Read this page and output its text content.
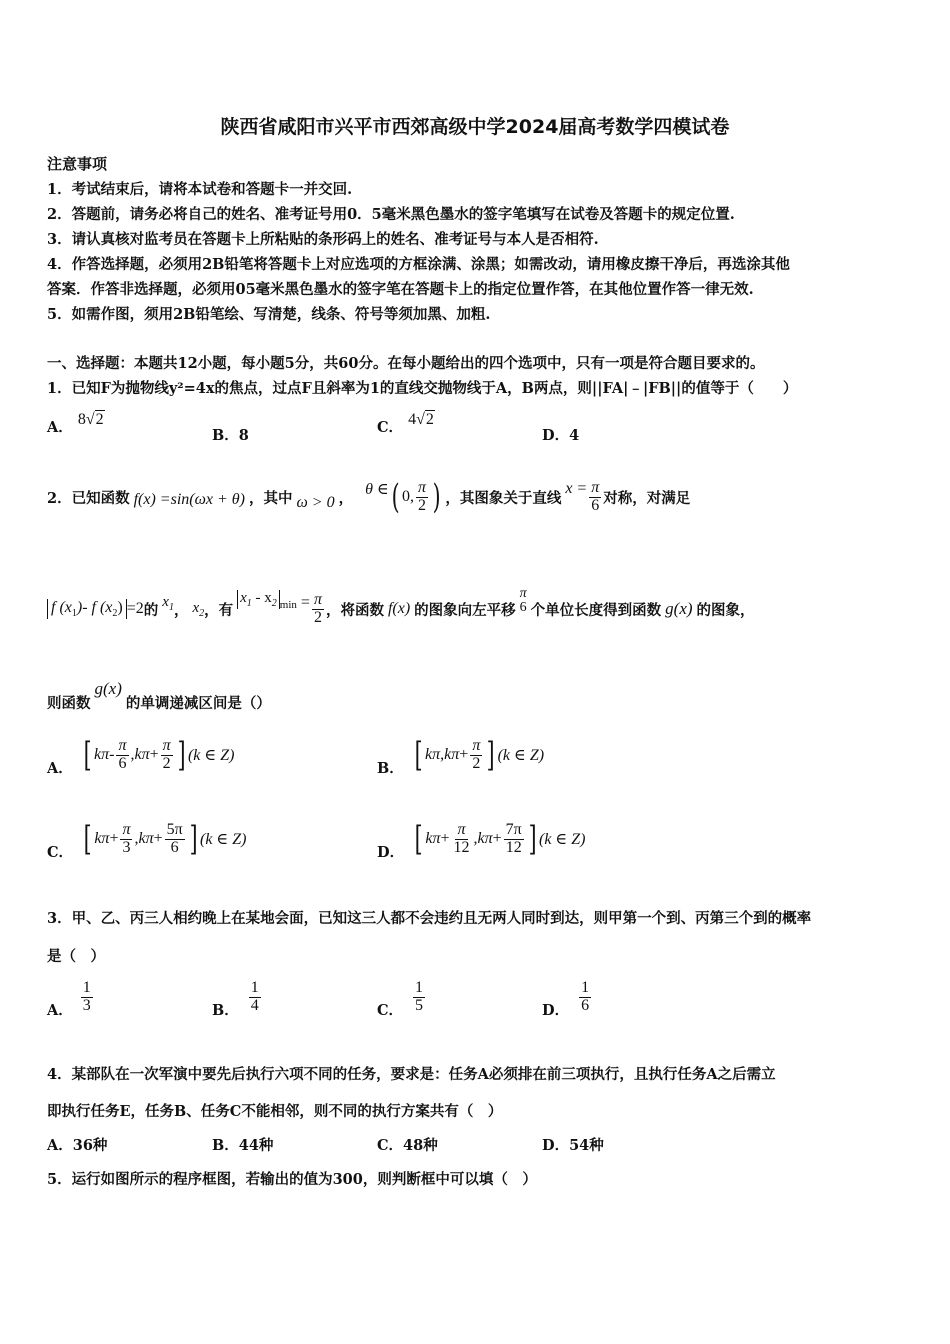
陕西省咸阳市兴平市西郊高级中学2024届高考数学四模试卷
注意事项
1．考试结束后，请将本试卷和答题卡一并交回.
2．答题前，请务必将自己的姓名、准考证号用0．5毫米黑色墨水的签字笔填写在试卷及答题卡的规定位置.
3．请认真核对监考员在答题卡上所粘贴的条形码上的姓名、准考证号与本人是否相符.
4．作答选择题，必须用2B铅笔将答题卡上对应选项的方框涂满、涂黑；如需改动，请用橡皮擦干净后，再选涂其他
答案．作答非选择题，必须用05毫米黑色墨水的签字笔在答题卡上的指定位置作答，在其他位置作答一律无效.
5．如需作图，须用2B铅笔绘、写清楚，线条、符号等须加黑、加粗.
一、选择题：本题共12小题，每小题5分，共60分。在每小题给出的四个选项中，只有一项是符合题目要求的。
1．已知F为抛物线y²=4x的焦点，过点F且斜率为1的直线交抛物线于A，B两点，则||FA|﹣|FB||的值等于（　　）
A． 8√2
B．8	C． 4√2
D．4
2．已知函数 f(x) =sin(ωx + θ) ，其中 ω > 0 ， θ ∈ ( 0, $\frac{\pi}{2}$ ) ，其图象关于直线
$x = \frac{\pi}{6}$ 对称，对满足
f $(x_1)-$ f $(x_2) =2$ 的 $x_1$ ， $x_2$ ，有
$x_1 - x_2$ $\min = \frac{\pi}{2}$ ，将函数 f(x) 的图象向左平移
π
6 个单位长度得到函数 g(x) 的图象，
则函数
g(x)
的单调递减区间是（）
A． [ kπ - $\frac{\pi}{6}$ , $k\pi + \frac{\pi}{2}$ ] (k ∈ Z)
B． [ kπ , $k\pi + \frac{\pi}{2}$ ] (k ∈ Z)
C． [ $k\pi + \frac{\pi}{3}$ , $k\pi + \frac{5\pi}{6}$ ] (k ∈ Z)
D． [ $k\pi + \frac{\pi}{12}$ , $k\pi + \frac{7\pi}{12}$ ] (k ∈ Z)
3．甲、乙、丙三人相约晚上在某地会面，已知这三人都不会违约且无两人同时到达，则甲第一个到、丙第三个到的概率
是（　）
A． $\frac{1}{3}$	B． $\frac{1}{4}$	C． $\frac{1}{5}$	D． $\frac{1}{6}$
4．某部队在一次军演中要先后执行六项不同的任务，要求是：任务A必须排在前三项执行，且执行任务A之后需立
即执行任务E，任务B、任务C不能相邻，则不同的执行方案共有（　）
A．36种	B．44种	C．48种	D．54种
5．运行如图所示的程序框图，若输出的值为300，则判断框中可以填（　）
